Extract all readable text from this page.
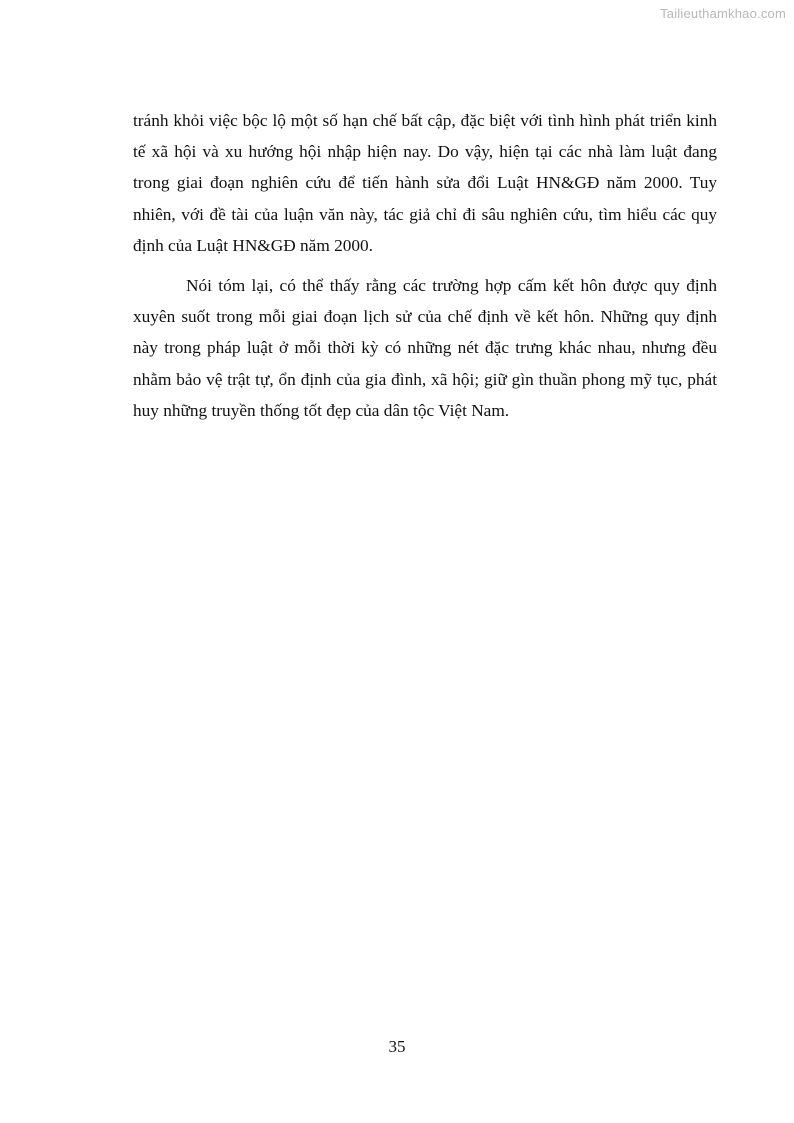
Tailieuthamkhao.com

tránh khỏi việc bộc lộ một số hạn chế bất cập, đặc biệt với tình hình phát triển kinh tế xã hội và xu hướng hội nhập hiện nay. Do vậy, hiện tại các nhà làm luật đang trong giai đoạn nghiên cứu để tiến hành sửa đổi Luật HN&GĐ năm 2000. Tuy nhiên, với đề tài của luận văn này, tác giả chỉ đi sâu nghiên cứu, tìm hiểu các quy định của Luật HN&GĐ năm 2000.

Nói tóm lại, có thể thấy rằng các trường hợp cấm kết hôn được quy định xuyên suốt trong mỗi giai đoạn lịch sử của chế định về kết hôn. Những quy định này trong pháp luật ở mỗi thời kỳ có những nét đặc trưng khác nhau, nhưng đều nhằm bảo vệ trật tự, ổn định của gia đình, xã hội; giữ gìn thuần phong mỹ tục, phát huy những truyền thống tốt đẹp của dân tộc Việt Nam.

35
